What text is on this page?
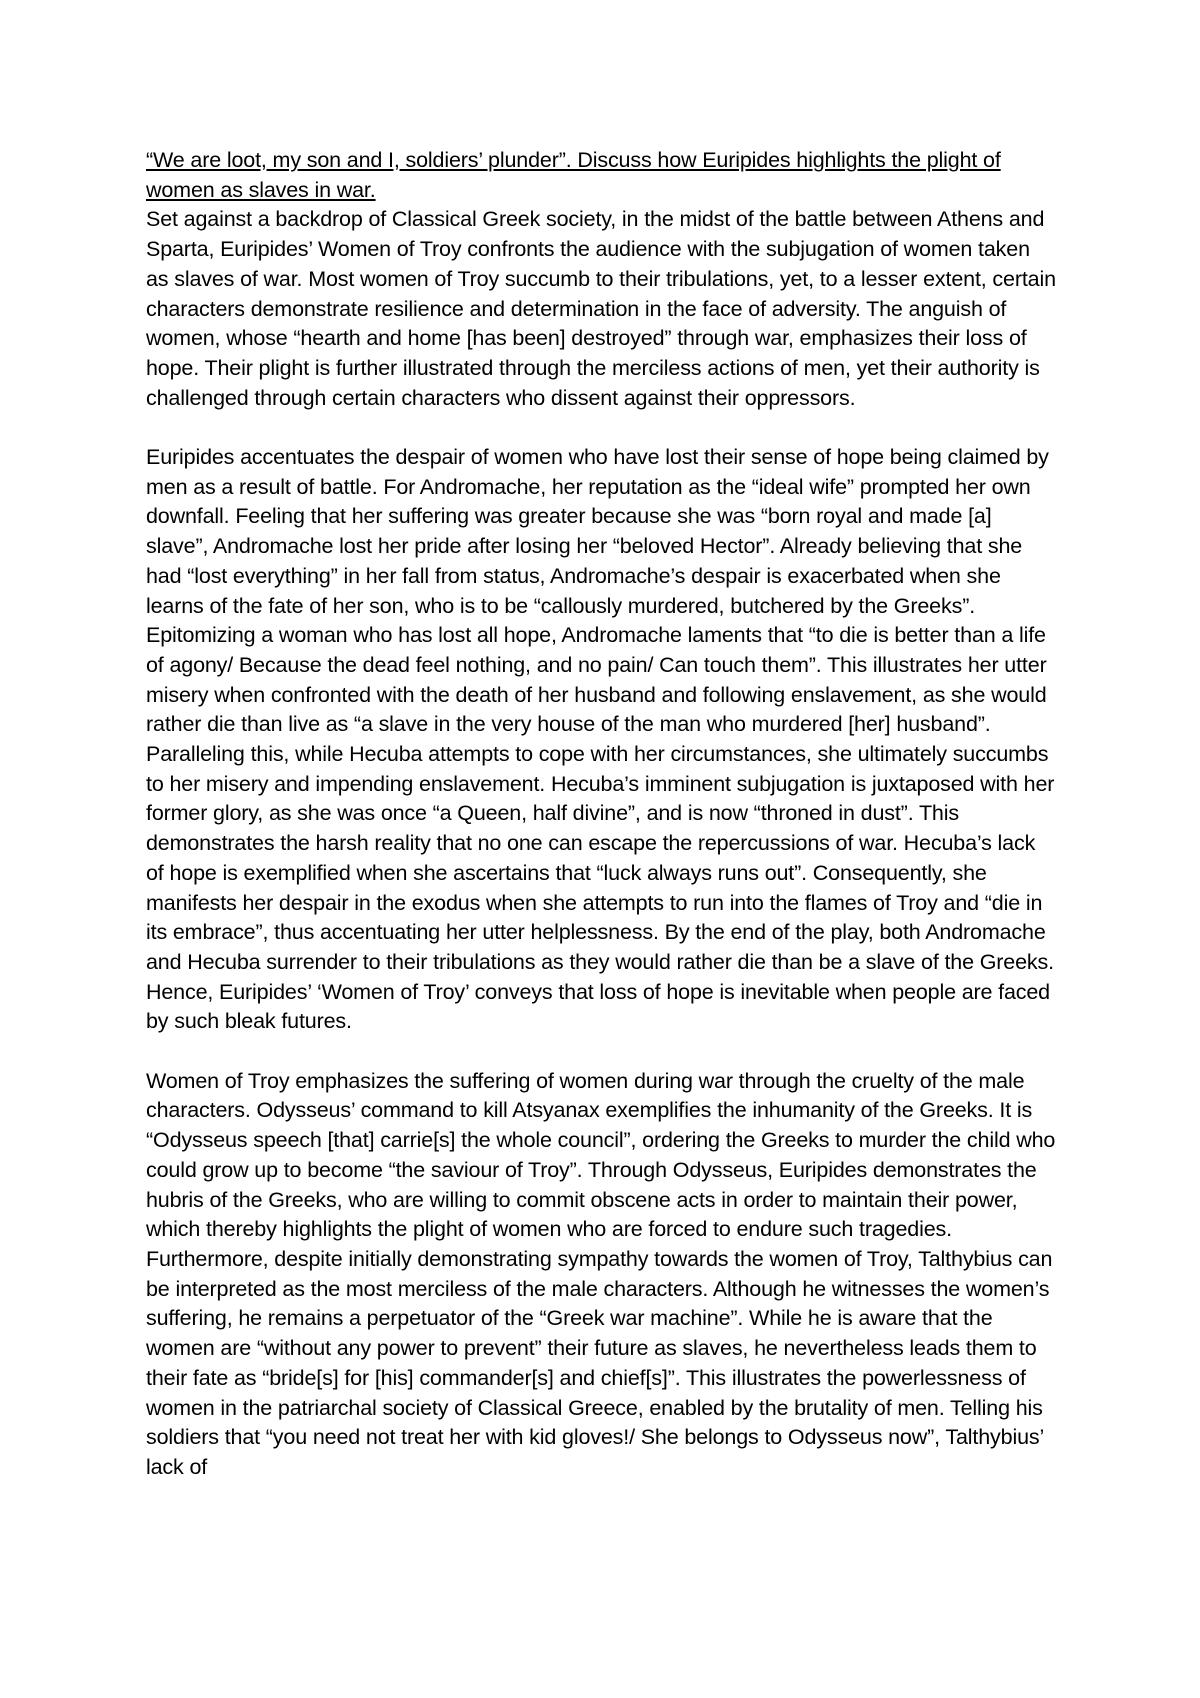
“We are loot, my son and I, soldiers’ plunder”. Discuss how Euripides highlights the plight of women as slaves in war.

Set against a backdrop of Classical Greek society, in the midst of the battle between Athens and Sparta, Euripides’ Women of Troy confronts the audience with the subjugation of women taken as slaves of war. Most women of Troy succumb to their tribulations, yet, to a lesser extent, certain characters demonstrate resilience and determination in the face of adversity. The anguish of women, whose “hearth and home [has been] destroyed” through war, emphasizes their loss of hope. Their plight is further illustrated through the merciless actions of men, yet their authority is challenged through certain characters who dissent against their oppressors.

Euripides accentuates the despair of women who have lost their sense of hope being claimed by men as a result of battle. For Andromache, her reputation as the “ideal wife” prompted her own downfall. Feeling that her suffering was greater because she was “born royal and made [a] slave”, Andromache lost her pride after losing her “beloved Hector”. Already believing that she had “lost everything” in her fall from status, Andromache’s despair is exacerbated when she learns of the fate of her son, who is to be “callously murdered, butchered by the Greeks”. Epitomizing a woman who has lost all hope, Andromache laments that “to die is better than a life of agony/ Because the dead feel nothing, and no pain/ Can touch them”. This illustrates her utter misery when confronted with the death of her husband and following enslavement, as she would rather die than live as “a slave in the very house of the man who murdered [her] husband”. Paralleling this, while Hecuba attempts to cope with her circumstances, she ultimately succumbs to her misery and impending enslavement. Hecuba’s imminent subjugation is juxtaposed with her former glory, as she was once “a Queen, half divine”, and is now “throned in dust”. This demonstrates the harsh reality that no one can escape the repercussions of war. Hecuba’s lack of hope is exemplified when she ascertains that “luck always runs out”. Consequently, she manifests her despair in the exodus when she attempts to run into the flames of Troy and “die in its embrace”, thus accentuating her utter helplessness. By the end of the play, both Andromache and Hecuba surrender to their tribulations as they would rather die than be a slave of the Greeks. Hence, Euripides’ ‘Women of Troy’ conveys that loss of hope is inevitable when people are faced by such bleak futures.

Women of Troy emphasizes the suffering of women during war through the cruelty of the male characters. Odysseus’ command to kill Atsyanax exemplifies the inhumanity of the Greeks. It is “Odysseus speech [that] carrie[s] the whole council”, ordering the Greeks to murder the child who could grow up to become “the saviour of Troy”. Through Odysseus, Euripides demonstrates the hubris of the Greeks, who are willing to commit obscene acts in order to maintain their power, which thereby highlights the plight of women who are forced to endure such tragedies. Furthermore, despite initially demonstrating sympathy towards the women of Troy, Talthybius can be interpreted as the most merciless of the male characters. Although he witnesses the women’s suffering, he remains a perpetuator of the “Greek war machine”. While he is aware that the women are “without any power to prevent” their future as slaves, he nevertheless leads them to their fate as “bride[s] for [his] commander[s] and chief[s]”. This illustrates the powerlessness of women in the patriarchal society of Classical Greece, enabled by the brutality of men. Telling his soldiers that “you need not treat her with kid gloves!/ She belongs to Odysseus now”, Talthybius’ lack of
